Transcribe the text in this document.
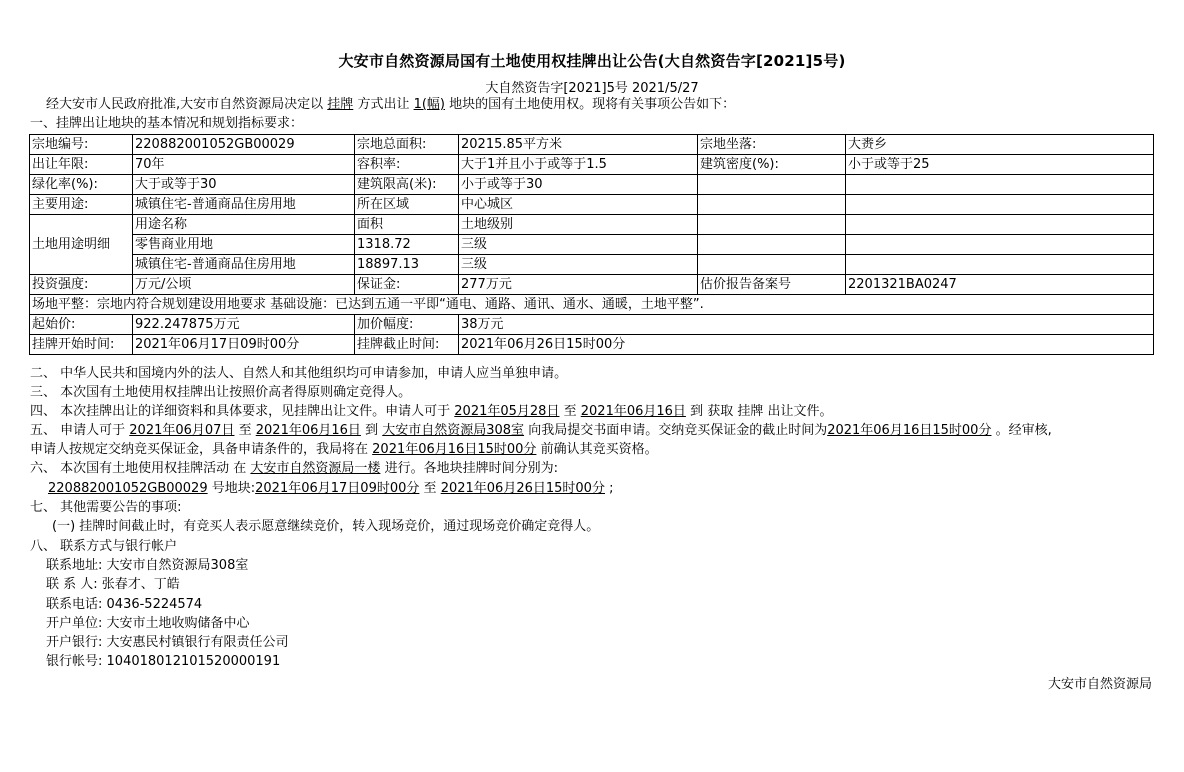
大安市自然资源局国有土地使用权挂牌出让公告(大自然资告字[2021]5号)
大自然资告字[2021]5号 2021/5/27
经大安市人民政府批准,大安市自然资源局决定以 挂牌 方式出让 1(幅) 地块的国有土地使用权。现将有关事项公告如下：
一、挂牌出让地块的基本情况和规划指标要求：
宗地编号:	220882001052GB00029	宗地总面积:	20215.85平方米	宗地坐落:	大赉乡
出让年限:	70年	容积率:	大于1并且小于或等于1.5	建筑密度(%):	小于或等于25
绿化率(%):	大于或等于30	建筑限高(米):	小于或等于30		
主要用途:	城镇住宅-普通商品住房用地	所在区域	中心城区		
土地用途明细	用途名称	面积	土地级别		
	零售商业用地	1318.72	三级		
	城镇住宅-普通商品住房用地	18897.13	三级		
投资强度:	万元/公顷	保证金:	277万元	估价报告备案号	2201321BA0247
场地平整：宗地内符合规划建设用地要求 基础设施：已达到五通一平即“通电、通路、通讯、通水、通暖，土地平整”.					
起始价:	922.247875万元	加价幅度:	38万元		
挂牌开始时间:	2021年06月17日09时00分	挂牌截止时间:	2021年06月26日15时00分		
二、 中华人民共和国境内外的法人、自然人和其他组织均可申请参加，申请人应当单独申请。
三、 本次国有土地使用权挂牌出让按照价高者得原则确定竞得人。
四、 本次挂牌出让的详细资料和具体要求，见挂牌出让文件。申请人可于 2021年05月28日 至 2021年06月16日 到 获取 挂牌 出让文件。
五、 申请人可于 2021年06月07日 至 2021年06月16日 到 大安市自然资源局308室 向我局提交书面申请。交纳竞买保证金的截止时间为2021年06月16日15时00分 。经审核,
申请人按规定交纳竞买保证金，具备申请条件的，我局将在 2021年06月16日15时00分 前确认其竞买资格。
六、 本次国有土地使用权挂牌活动 在 大安市自然资源局一楼 进行。各地块挂牌时间分别为:
220882001052GB00029 号地块:2021年06月17日09时00分 至 2021年06月26日15时00分 ;
七、 其他需要公告的事项:
(一) 挂牌时间截止时，有竞买人表示愿意继续竞价，转入现场竞价，通过现场竞价确定竞得人。
八、 联系方式与银行帐户
联系地址: 大安市自然资源局308室
联 系 人: 张春才、丁皓
联系电话: 0436-5224574
开户单位: 大安市土地收购储备中心
开户银行: 大安惠民村镇银行有限责任公司
银行帐号: 104018012101520000191
大安市自然资源局
